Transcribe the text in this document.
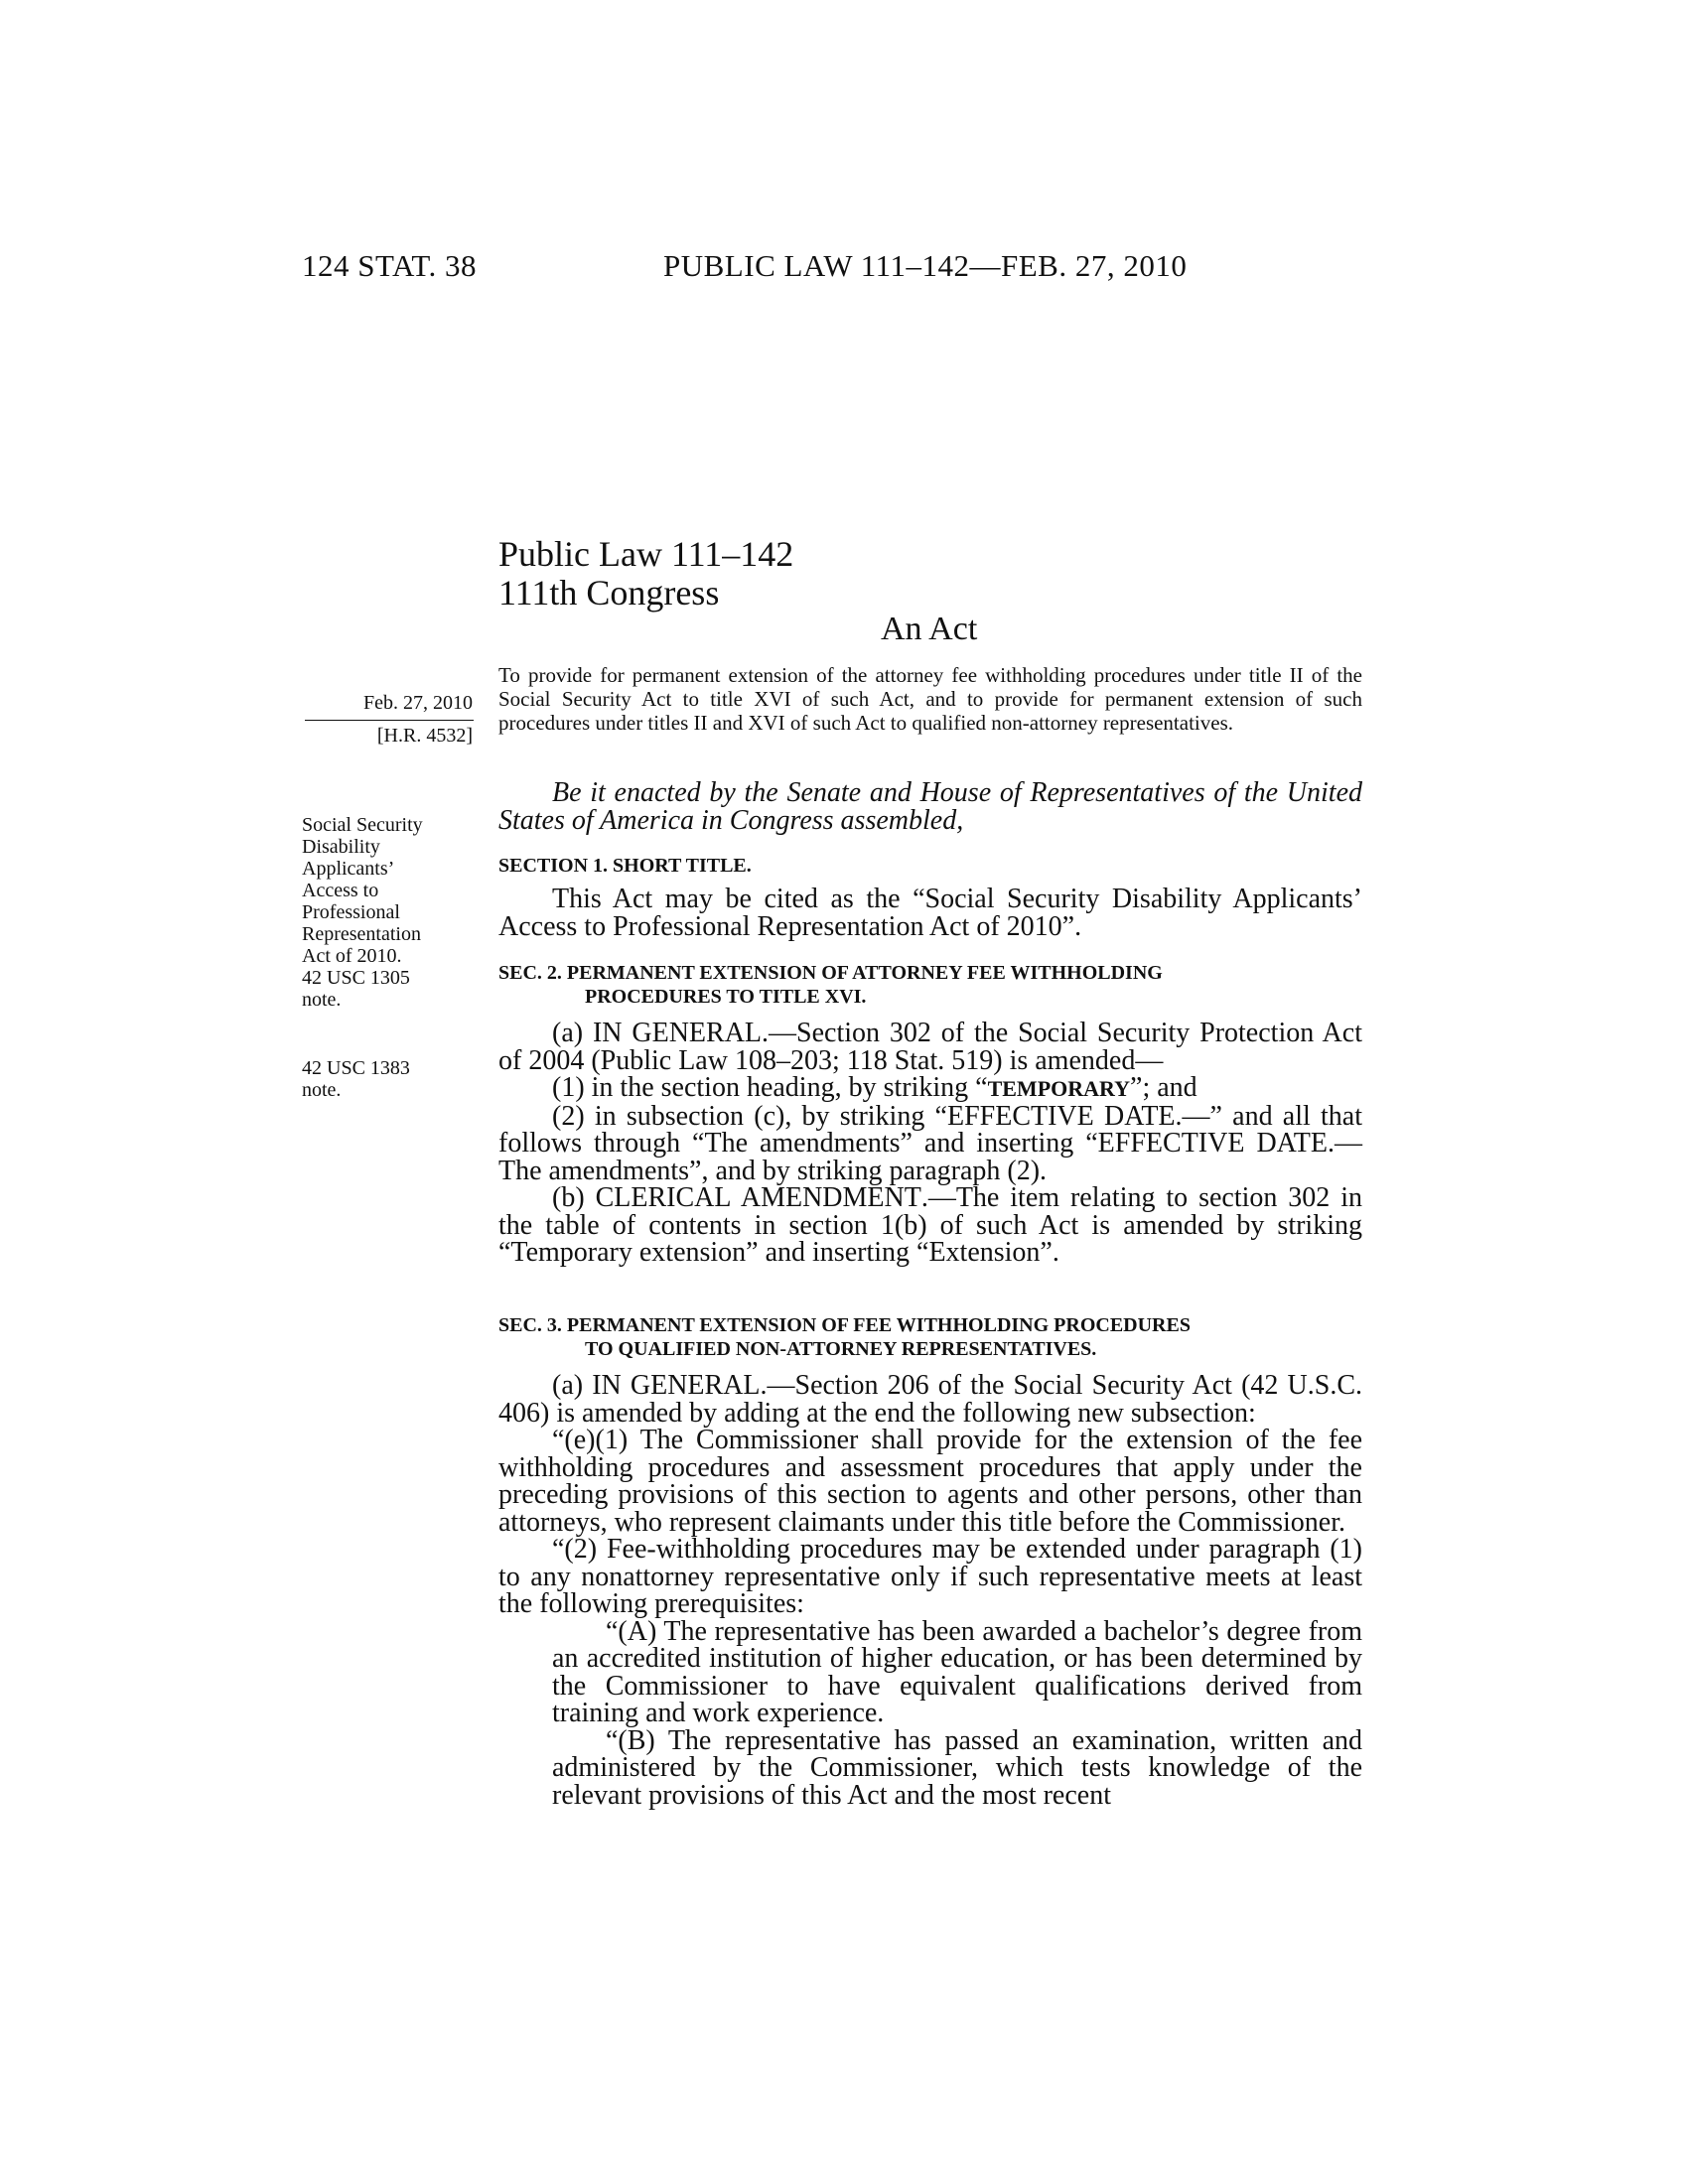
124 STAT. 38	PUBLIC LAW 111–142—FEB. 27, 2010
Public Law 111–142
111th Congress
An Act
Feb. 27, 2010
[H.R. 4532]
Social Security
Disability
Applicants’
Access to
Professional
Representation
Act of 2010.
42 USC 1305
note.
42 USC 1383
note.

To provide for permanent extension of the attorney fee withholding procedures under title II of the Social Security Act to title XVI of such Act, and to provide for permanent extension of such procedures under titles II and XVI of such Act to qualified non-attorney representatives.

Be it enacted by the Senate and House of Representatives of the United States of America in Congress assembled,

SECTION 1. SHORT TITLE.

This Act may be cited as the “Social Security Disability Applicants’ Access to Professional Representation Act of 2010”.

SEC. 2. PERMANENT EXTENSION OF ATTORNEY FEE WITHHOLDING
PROCEDURES TO TITLE XVI.

(a) IN GENERAL.—Section 302 of the Social Security Protection Act of 2004 (Public Law 108–203; 118 Stat. 519) is amended—

(1) in the section heading, by striking “TEMPORARY”; and

(2) in subsection (c), by striking “EFFECTIVE DATE.—” and all that follows through “The amendments” and inserting “EFFECTIVE DATE.—The amendments”, and by striking paragraph (2).

(b) CLERICAL AMENDMENT.—The item relating to section 302 in the table of contents in section 1(b) of such Act is amended by striking “Temporary extension” and inserting “Extension”.

SEC. 3. PERMANENT EXTENSION OF FEE WITHHOLDING PROCEDURES
TO QUALIFIED NON-ATTORNEY REPRESENTATIVES.

(a) IN GENERAL.—Section 206 of the Social Security Act (42 U.S.C. 406) is amended by adding at the end the following new subsection:

“(e)(1) The Commissioner shall provide for the extension of the fee withholding procedures and assessment procedures that apply under the preceding provisions of this section to agents and other persons, other than attorneys, who represent claimants under this title before the Commissioner.

“(2) Fee-withholding procedures may be extended under paragraph (1) to any nonattorney representative only if such representative meets at least the following prerequisites:

“(A) The representative has been awarded a bachelor’s degree from an accredited institution of higher education, or has been determined by the Commissioner to have equivalent qualifications derived from training and work experience.

“(B) The representative has passed an examination, written and administered by the Commissioner, which tests knowledge of the relevant provisions of this Act and the most recent
